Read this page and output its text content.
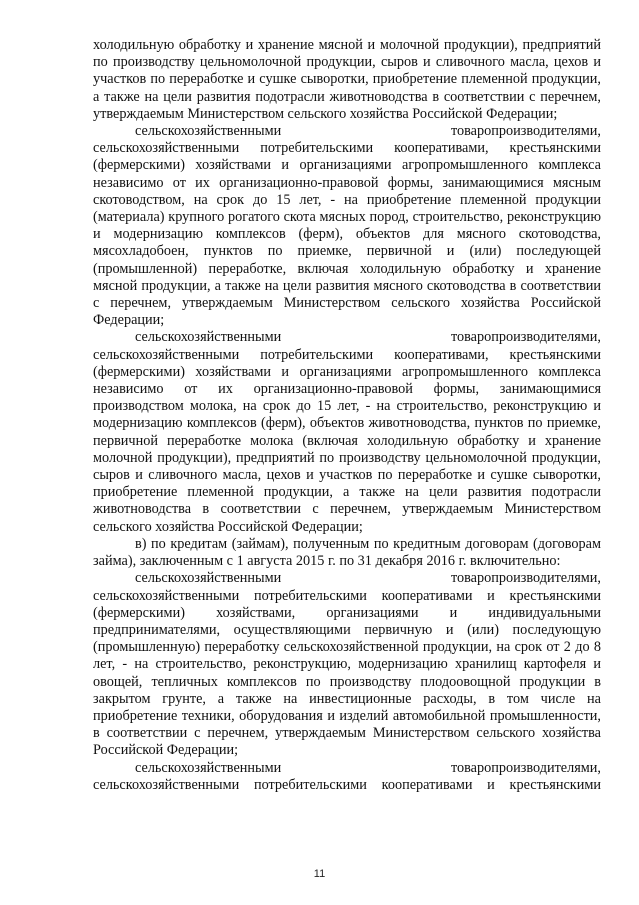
холодильную обработку и хранение мясной и молочной продукции), предприятий по производству цельномолочной продукции, сыров и сливочного масла, цехов и участков по переработке и сушке сыворотки, приобретение племенной продукции, а также на цели развития подотрасли животноводства в соответствии с перечнем, утверждаемым Министерством сельского хозяйства Российской Федерации;

сельскохозяйственными	товаропроизводителями,

сельскохозяйственными потребительскими кооперативами, крестьянскими (фермерскими) хозяйствами и организациями агропромышленного комплекса независимо от их организационно-правовой формы, занимающимися мясным скотоводством, на срок до 15 лет, - на приобретение племенной продукции (материала) крупного рогатого скота мясных пород, строительство, реконструкцию и модернизацию комплексов (ферм), объектов для мясного скотоводства, мясохладобоен, пунктов по приемке, первичной и (или) последующей (промышленной) переработке, включая холодильную обработку и хранение мясной продукции, а также на цели развития мясного скотоводства в соответствии с перечнем, утверждаемым Министерством сельского хозяйства Российской Федерации;

сельскохозяйственными	товаропроизводителями,

сельскохозяйственными потребительскими кооперативами, крестьянскими (фермерскими) хозяйствами и организациями агропромышленного комплекса независимо от их организационно-правовой формы, занимающимися производством молока, на срок до 15 лет, - на строительство, реконструкцию и модернизацию комплексов (ферм), объектов животноводства, пунктов по приемке, первичной переработке молока (включая холодильную обработку и хранение молочной продукции), предприятий по производству цельномолочной продукции, сыров и сливочного масла, цехов и участков по переработке и сушке сыворотки, приобретение племенной продукции, а также на цели развития подотрасли животноводства в соответствии с перечнем, утверждаемым Министерством сельского хозяйства Российской Федерации;

в) по кредитам (займам), полученным по кредитным договорам (договорам займа), заключенным с 1 августа 2015 г. по 31 декабря 2016 г. включительно:

сельскохозяйственными	товаропроизводителями,

сельскохозяйственными потребительскими кооперативами и крестьянскими (фермерскими) хозяйствами, организациями и индивидуальными предпринимателями, осуществляющими первичную и (или) последующую (промышленную) переработку сельскохозяйственной продукции, на срок от 2 до 8 лет, - на строительство, реконструкцию, модернизацию хранилищ картофеля и овощей, тепличных комплексов по производству плодоовощной продукции в закрытом грунте, а также на инвестиционные расходы, в том числе на приобретение техники, оборудования и изделий автомобильной промышленности, в соответствии с перечнем, утверждаемым Министерством сельского хозяйства Российской Федерации;

сельскохозяйственными	товаропроизводителями,

сельскохозяйственными потребительскими кооперативами и крестьянскими

11
